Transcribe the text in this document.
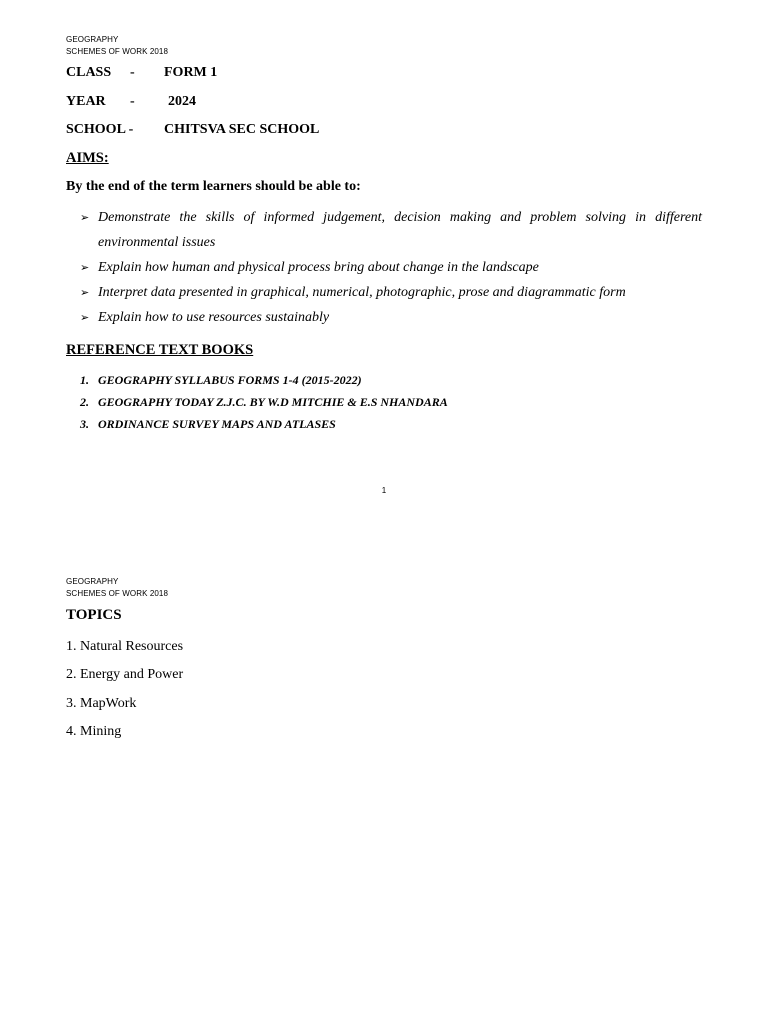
GEOGRAPHY
SCHEMES OF WORK 2018
CLASS - FORM 1
YEAR - 2024
SCHOOL - CHITSVA SEC SCHOOL
AIMS:
By the end of the term learners should be able to:
➢ Demonstrate the skills of informed judgement, decision making and problem solving in different environmental issues
➢ Explain how human and physical process bring about change in the landscape
➢ Interpret data presented in graphical, numerical, photographic, prose and diagrammatic form
➢ Explain how to use resources sustainably
REFERENCE TEXT BOOKS
1. GEOGRAPHY SYLLABUS FORMS 1-4 (2015-2022)
2. GEOGRAPHY TODAY Z.J.C. BY W.D MITCHIE & E.S NHANDARA
3. ORDINANCE SURVEY MAPS AND ATLASES
1
GEOGRAPHY
SCHEMES OF WORK 2018
TOPICS
1. Natural Resources
2. Energy and Power
3. MapWork
4. Mining
